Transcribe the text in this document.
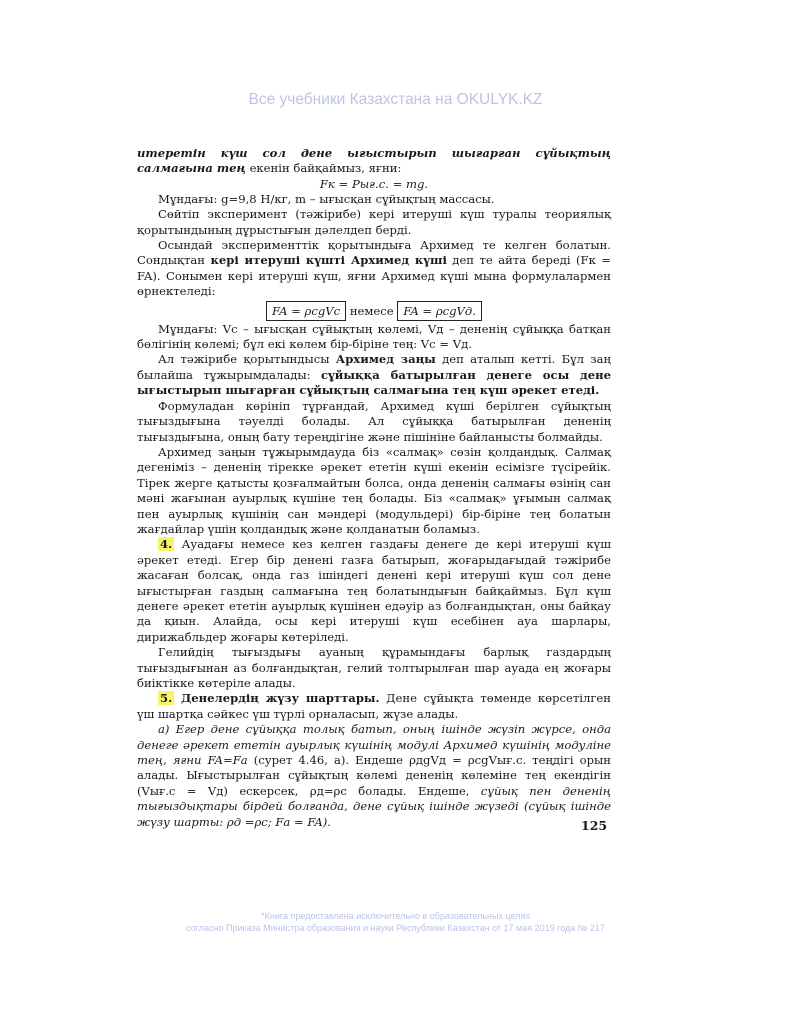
Все учебники Казахстана на OKULYK.KZ

итеретін күш сол дене ығыстырып шығарған сұйықтың салмағына тең екенін байқаймыз, яғни:

Fк = Pығ.с. = mg.

Мұндағы: g=9,8 Н/кг, m – ығысқан сұйықтың массасы.

Сөйтіп эксперимент (тәжірибе) кері итеруші күш туралы теориялық қорытындының дұрыстығын дәлелдеп берді.

Осындай эксперименттік қорытындыға Архимед те келген болатын. Сондықтан кері итеруші күшті Архимед күші деп те айта береді (Fк = FA). Сонымен кері итеруші күш, яғни Архимед күші мына формулалармен өрнектеледі:

FA = ρсgVс немесе FA = ρсgVд.

Мұндағы: Vс – ығысқан сұйықтың көлемі, Vд – дененің сұйыққа батқан бөлігінің көлемі; бұл екі көлем бір-біріне тең: Vс = Vд.

Ал тәжірибе қорытындысы Архимед заңы деп аталып кетті. Бұл заң былайша тұжырымдалады: сұйыққа батырылған денеге осы дене ығыстырып шығарған сұйықтың салмағына тең күш әрекет етеді.

Формуладан көрініп тұрғандай, Архимед күші берілген сұйықтың тығыздығына тәуелді болады. Ал сұйыққа батырылған дененің тығыздығына, оның бату тереңдігіне және пішініне байланысты болмайды.

Архимед заңын тұжырымдауда біз «салмақ» сөзін қолдандық. Салмақ дегеніміз – дененің тірекке әрекет ететін күші екенін есімізге түсірейік. Тірек жерге қатысты қозғалмайтын болса, онда дененің салмағы өзінің сан мәні жағынан ауырлық күшіне тең болады. Біз «салмақ» ұғымын салмақ пен ауырлық күшінің сан мәндері (модульдері) бір-біріне тең болатын жағдайлар үшін қолдандық және қолданатын боламыз.

4. Ауадағы немесе кез келген газдағы денеге де кері итеруші күш әрекет етеді. Егер бір денені газға батырып, жоғарыдағыдай тәжірибе жасаған болсақ, онда газ ішіндегі денені кері итеруші күш сол дене ығыстырған газдың салмағына тең болатындығын байқаймыз. Бұл күш денеге әрекет ететін ауырлық күшінен едәуір аз болғандықтан, оны байқау да қиын. Алайда, осы кері итеруші күш есебінен ауа шарлары, дирижабльдер жоғары көтеріледі.

Гелийдің тығыздығы ауаның құрамындағы барлық газдардың тығыздығынан аз болғандықтан, гелий толтырылған шар ауада ең жоғары биіктікке көтеріле алады.

5. Денелердің жүзу шарттары. Дене сұйықта төменде көрсетілген үш шартқа сәйкес үш түрлі орналасып, жүзе алады.

а) Егер дене сұйыққа толық батып, оның ішінде жүзіп жүрсе, онда денеге әрекет ететін ауырлық күшінің модулі Архимед күшінің модуліне тең, яғни FA=Fа (сурет 4.46, а). Ендеше ρдgVд = ρсgVығ.с. теңдігі орын алады. Ығыстырылған сұйықтың көлемі дененің көлеміне тең екендігін (Vығ.с = Vд) ескерсек, ρд=ρс болады. Ендеше, сұйық пен дененің тығыздықтары бірдей болғанда, дене сұйық ішінде жүзеді (сұйық ішінде жүзу шарты: ρд =ρс; Fа = FA).	125
*Книга предоставлена исключительно в образовательных целях
согласно Приказа Министра образования и науки Республики Казахстан от 17 мая 2019 года № 217
